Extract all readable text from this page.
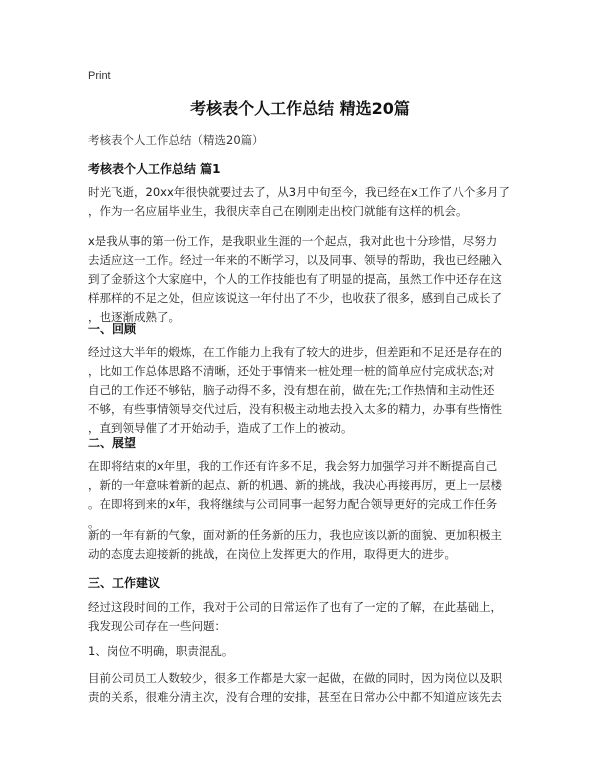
Print
考核表个人工作总结 精选20篇
考核表个人工作总结（精选20篇）
考核表个人工作总结 篇1
时光飞逝，20xx年很快就要过去了，从3月中旬至今，我已经在x工作了八个多月了
，作为一名应届毕业生，我很庆幸自己在刚刚走出校门就能有这样的机会。
x是我从事的第一份工作，是我职业生涯的一个起点，我对此也十分珍惜，尽努力
去适应这一工作。经过一年来的不断学习，以及同事、领导的帮助，我也已经融入
到了金骄这个大家庭中，个人的工作技能也有了明显的提高，虽然工作中还存在这
样那样的不足之处，但应该说这一年付出了不少，也收获了很多，感到自己成长了
，也逐渐成熟了。
一、回顾
经过这大半年的煅炼，在工作能力上我有了较大的进步，但差距和不足还是存在的
，比如工作总体思路不清晰，还处于事情来一桩处理一桩的简单应付完成状态;对
自己的工作还不够钻，脑子动得不多，没有想在前，做在先;工作热情和主动性还
不够，有些事情领导交代过后，没有积极主动地去投入太多的精力，办事有些惰性
，直到领导催了才开始动手，造成了工作上的被动。
二、展望
在即将结束的x年里，我的工作还有许多不足，我会努力加强学习并不断提高自己
，新的一年意味着新的起点、新的机遇、新的挑战，我决心再接再厉，更上一层楼
。在即将到来的x年，我将继续与公司同事一起努力配合领导更好的完成工作任务
。
新的一年有新的气象，面对新的任务新的压力，我也应该以新的面貌、更加积极主
动的态度去迎接新的挑战，在岗位上发挥更大的作用，取得更大的进步。
三、工作建议
经过这段时间的工作，我对于公司的日常运作了也有了一定的了解，在此基础上，
我发现公司存在一些问题：
1、岗位不明确，职责混乱。
目前公司员工人数较少，很多工作都是大家一起做，在做的同时，因为岗位以及职
责的关系，很难分清主次，没有合理的安排，甚至在日常办公中都不知道应该先去
